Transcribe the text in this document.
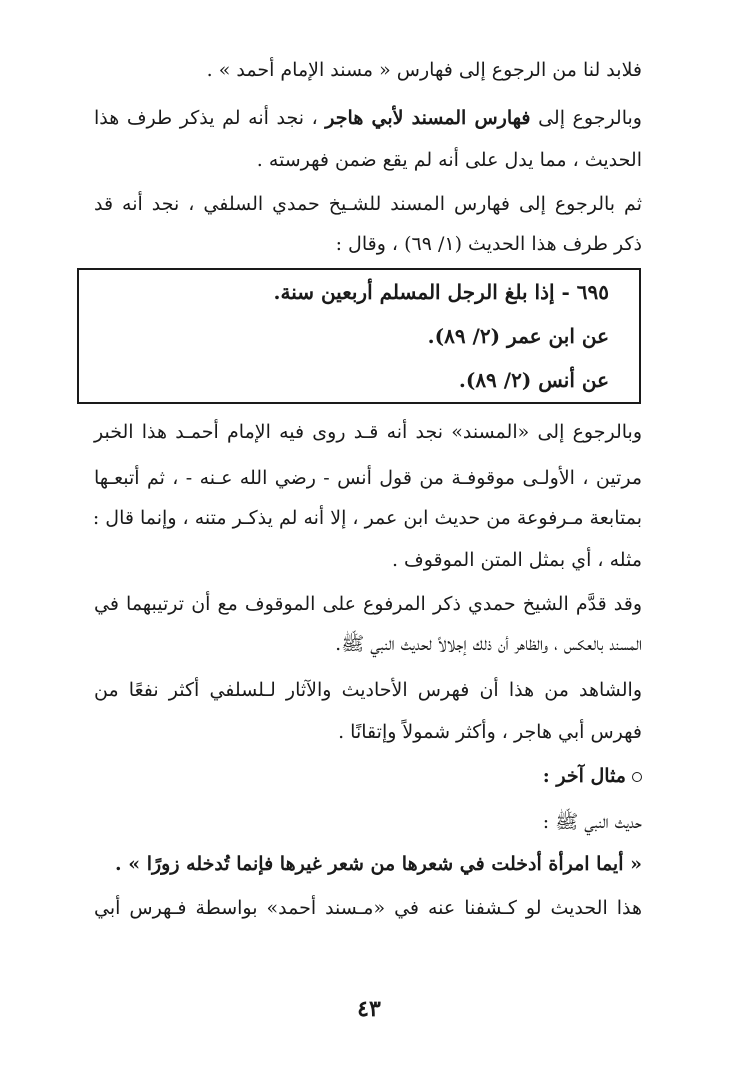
فلابد لنا من الرجوع إلى فهارس « مسند الإمام أحمد » .
وبالرجوع إلى فهارس المسند لأبي هاجر ، نجد أنه لم يذكر طرف هذا
الحديث ، مما يدل على أنه لم يقع ضمن فهرسته .
ثم بالرجوع إلى فهارس المسند للشـيخ حمدي السلفي ، نجد أنه قد
ذكر طرف هذا الحديث (١/ ٦٩) ، وقال :
٦٩٥ - إذا بلغ الرجل المسلم أربعين سنة.
عن ابن عمر (٢/ ٨٩).
عن أنس (٢/ ٨٩).
وبالرجوع إلى «المسند» نجد أنه قـد روى فيه الإمام أحمـد هذا الخبر
مرتين ، الأولـى موقوفـة من قول أنس - رضي الله عـنه - ، ثم أتبعـها
بمتابعة مـرفوعة من حديث ابن عمر ، إلا أنه لم يذكـر متنه ، وإنما قال :
مثله ، أي بمثل المتن الموقوف .
وقد قدَّم الشيخ حمدي ذكر المرفوع على الموقوف مع أن ترتيبهما في
المسند بالعكس ، والظاهر أن ذلك إجلالاً لحديث النبي ﷺ.
والشاهد من هذا أن فهرس الأحاديث والآثار لـلسلفي أكثر نفعًا من
فهرس أبي هاجر ، وأكثر شمولاً وإتقانًا .
مثال آخر :
حديث النبي ﷺ :
« أيما امرأة أدخلت في شعرها من شعر غيرها فإنما تُدخله زورًا » .
هذا الحديث لو كـشفنا عنه في «مـسند أحمد» بواسطة فـهرس أبي
٤٣
